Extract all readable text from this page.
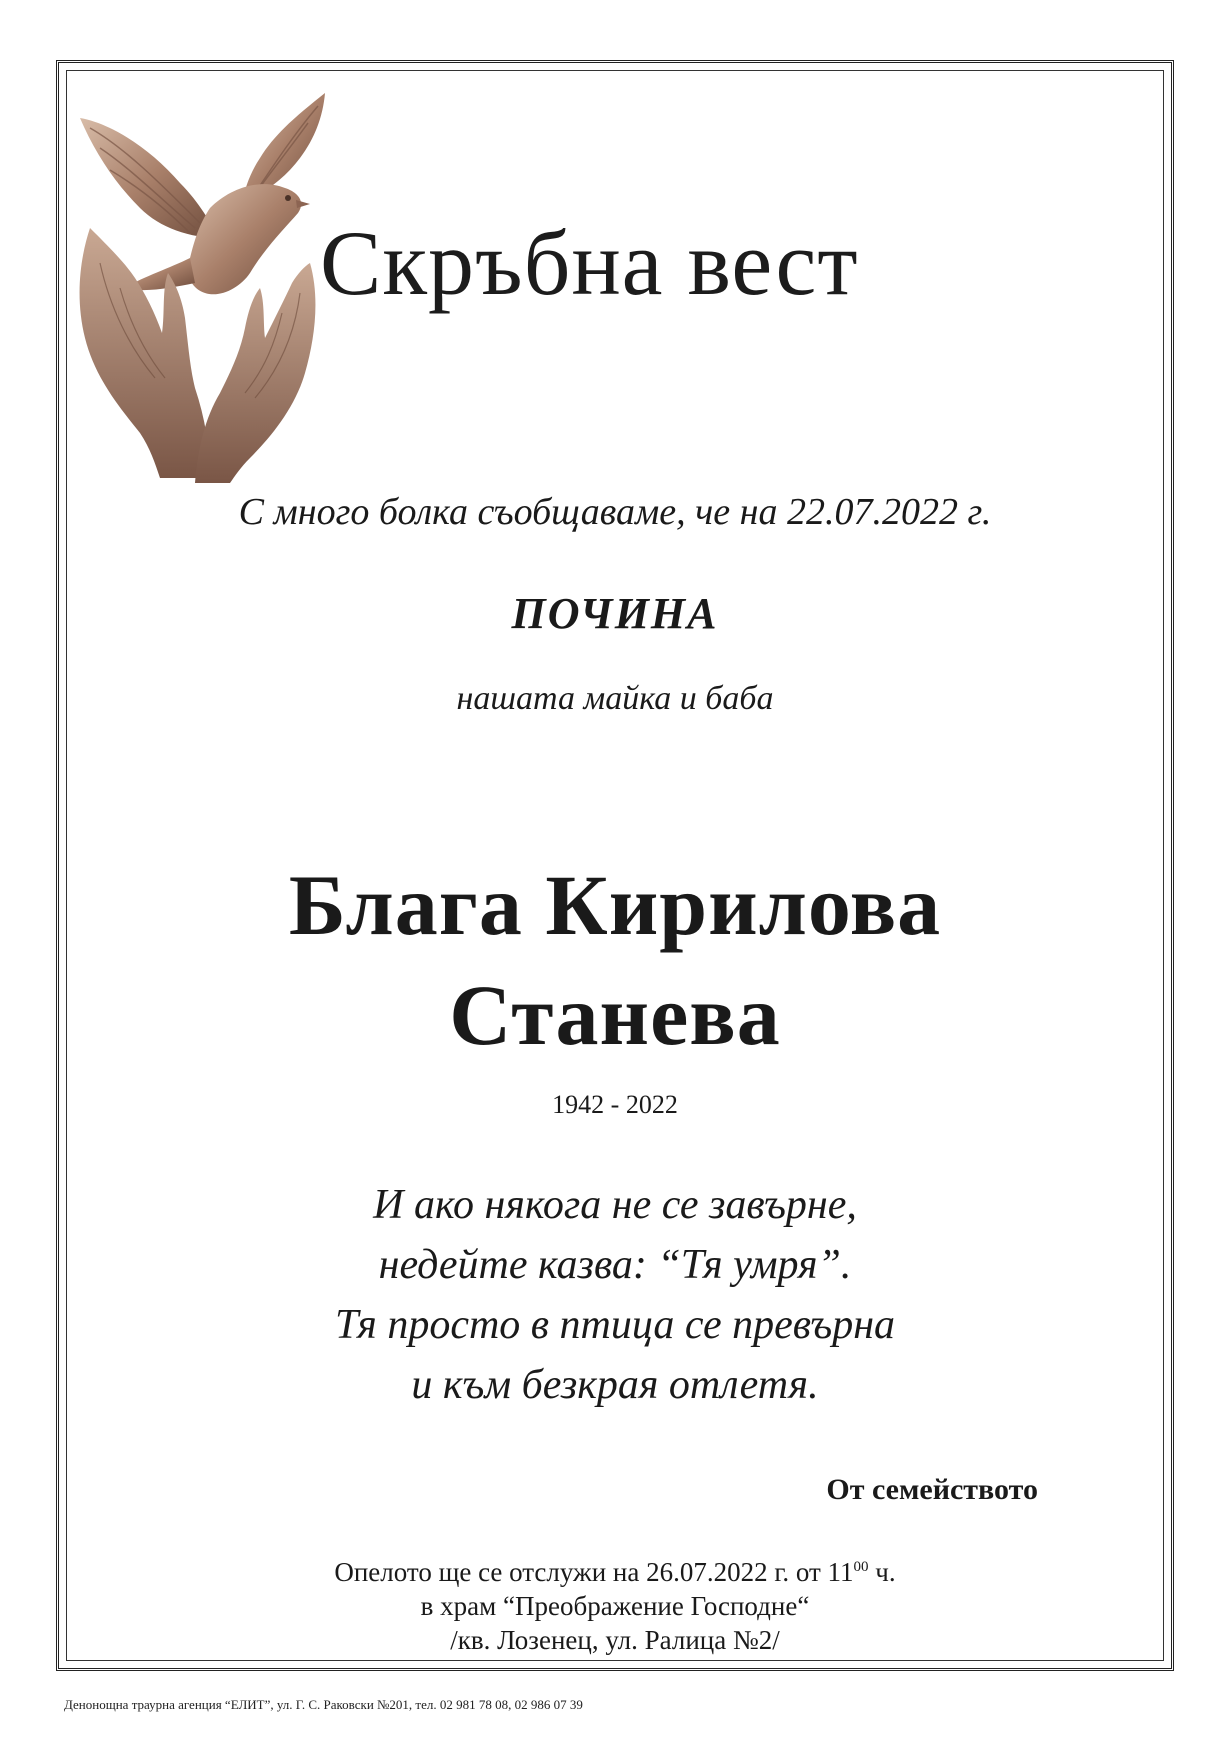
Скръбна вест
С много болка съобщаваме, че на 22.07.2022 г.
ПОЧИНА
нашата майка и баба
Блага Кирилова
Станева
1942 - 2022
И ако някога не се завърне,
недейте казва: “Тя умря”.
Тя просто в птица се превърна
и към безкрая отлетя.
От семейството
Опелото ще се отслужи на 26.07.2022 г. от $11^{00}$ ч.
в храм “Преображение Господне“
/кв. Лозенец, ул. Ралица №2/
Денонощна траурна агенция “ЕЛИТ”, ул. Г. С. Раковски №201, тел. 02 981 78 08, 02 986 07 39
